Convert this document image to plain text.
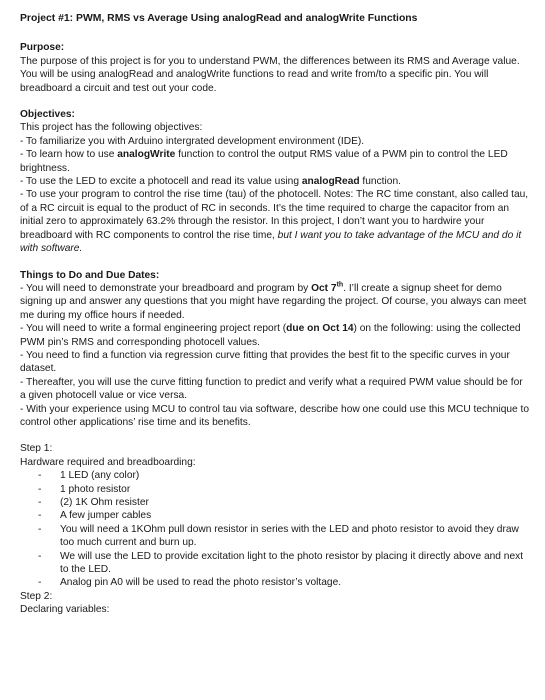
Project #1: PWM, RMS vs Average Using analogRead and analogWrite Functions
Purpose:
The purpose of this project is for you to understand PWM, the differences between its RMS and Average value. You will be using analogRead and analogWrite functions to read and write from/to a specific pin. You will breadboard a circuit and test out your code.
Objectives:
This project has the following objectives:
- To familiarize you with Arduino intergrated development environment (IDE).
- To learn how to use analogWrite function to control the output RMS value of a PWM pin to control the LED brightness.
- To use the LED to excite a photocell and read its value using analogRead function.
- To use your program to control the rise time (tau) of the photocell. Notes: The RC time constant, also called tau, of a RC circuit is equal to the product of RC in seconds. It’s the time required to charge the capacitor from an initial zero to approximately 63.2% through the resistor. In this project, I don’t want you to hardwire your breadboard with RC components to control the rise time, but I want you to take advantage of the MCU and do it with software.
Things to Do and Due Dates:
- You will need to demonstrate your breadboard and program by Oct 7th. I’ll create a signup sheet for demo signing up and answer any questions that you might have regarding the project. Of course, you always can meet me during my office hours if needed.
- You will need to write a formal engineering project report (due on Oct 14) on the following: using the collected PWM pin’s RMS and corresponding photocell values.
- You need to find a function via regression curve fitting that provides the best fit to the specific curves in your dataset.
- Thereafter, you will use the curve fitting function to predict and verify what a required PWM value should be for a given photocell value or vice versa.
- With your experience using MCU to control tau via software, describe how one could use this MCU technique to control other applications’ rise time and its benefits.
Step 1:
Hardware required and breadboarding:
- 1 LED (any color)
- 1 photo resistor
- (2) 1K Ohm resister
- A few jumper cables
- You will need a 1KOhm pull down resistor in series with the LED and photo resistor to avoid they draw too much current and burn up.
- We will use the LED to provide excitation light to the photo resistor by placing it directly above and next to the LED.
- Analog pin A0 will be used to read the photo resistor’s voltage.
Step 2:
Declaring variables:
